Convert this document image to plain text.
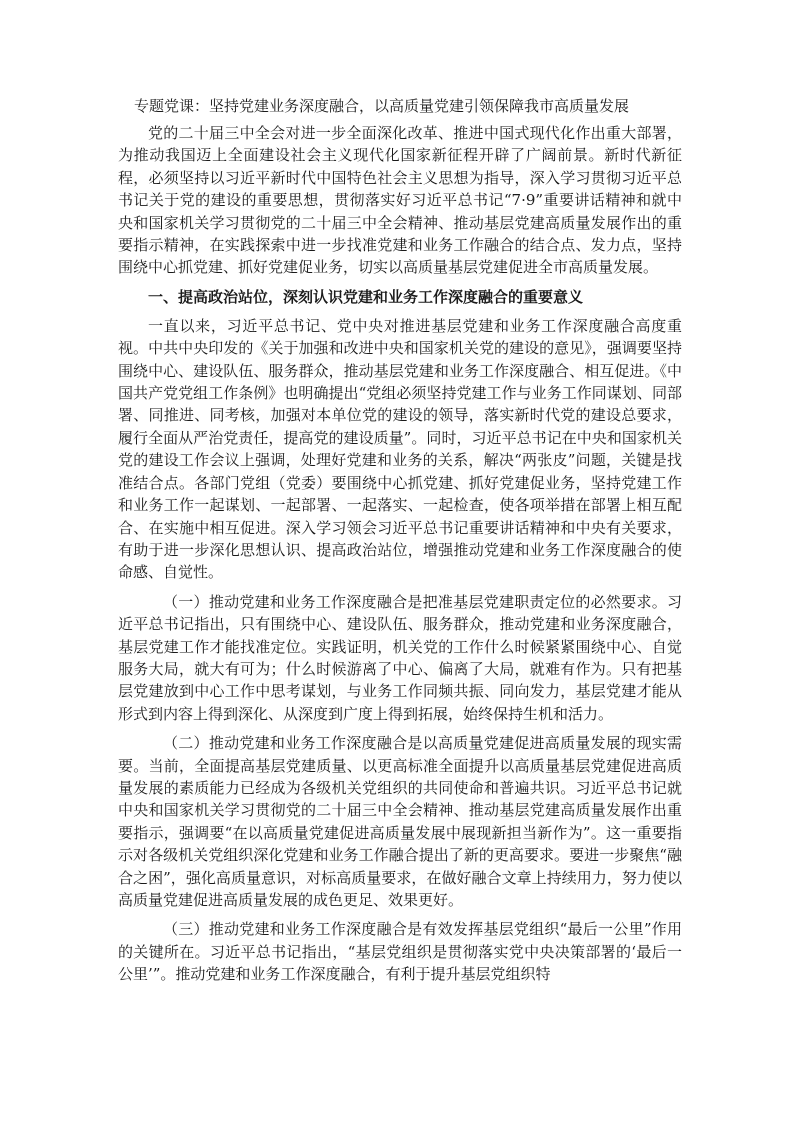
专题党课：坚持党建业务深度融合，以高质量党建引领保障我市高质量发展

党的二十届三中全会对进一步全面深化改革、推进中国式现代化作出重大部署，为推动我国迈上全面建设社会主义现代化国家新征程开辟了广阔前景。新时代新征程，必须坚持以习近平新时代中国特色社会主义思想为指导，深入学习贯彻习近平总书记关于党的建设的重要思想，贯彻落实好习近平总书记“7·9”重要讲话精神和就中央和国家机关学习贯彻党的二十届三中全会精神、推动基层党建高质量发展作出的重要指示精神，在实践探索中进一步找准党建和业务工作融合的结合点、发力点，坚持围绕中心抓党建、抓好党建促业务，切实以高质量基层党建促进全市高质量发展。

一、提高政治站位，深刻认识党建和业务工作深度融合的重要意义

一直以来，习近平总书记、党中央对推进基层党建和业务工作深度融合高度重视。中共中央印发的《关于加强和改进中央和国家机关党的建设的意见》，强调要坚持围绕中心、建设队伍、服务群众，推动基层党建和业务工作深度融合、相互促进。《中国共产党党组工作条例》也明确提出“党组必须坚持党建工作与业务工作同谋划、同部署、同推进、同考核，加强对本单位党的建设的领导，落实新时代党的建设总要求，履行全面从严治党责任，提高党的建设质量”。同时，习近平总书记在中央和国家机关党的建设工作会议上强调，处理好党建和业务的关系，解决“两张皮”问题，关键是找准结合点。各部门党组（党委）要围绕中心抓党建、抓好党建促业务，坚持党建工作和业务工作一起谋划、一起部署、一起落实、一起检查，使各项举措在部署上相互配合、在实施中相互促进。深入学习领会习近平总书记重要讲话精神和中央有关要求，有助于进一步深化思想认识、提高政治站位，增强推动党建和业务工作深度融合的使命感、自觉性。

（一）推动党建和业务工作深度融合是把准基层党建职责定位的必然要求。习近平总书记指出，只有围绕中心、建设队伍、服务群众，推动党建和业务深度融合，基层党建工作才能找准定位。实践证明，机关党的工作什么时候紧紧围绕中心、自觉服务大局，就大有可为；什么时候游离了中心、偏离了大局，就难有作为。只有把基层党建放到中心工作中思考谋划，与业务工作同频共振、同向发力，基层党建才能从形式到内容上得到深化、从深度到广度上得到拓展，始终保持生机和活力。

（二）推动党建和业务工作深度融合是以高质量党建促进高质量发展的现实需要。当前，全面提高基层党建质量、以更高标准全面提升以高质量基层党建促进高质量发展的素质能力已经成为各级机关党组织的共同使命和普遍共识。习近平总书记就中央和国家机关学习贯彻党的二十届三中全会精神、推动基层党建高质量发展作出重要指示，强调要“在以高质量党建促进高质量发展中展现新担当新作为”。这一重要指示对各级机关党组织深化党建和业务工作融合提出了新的更高要求。要进一步聚焦“融合之困”，强化高质量意识，对标高质量要求，在做好融合文章上持续用力，努力使以高质量党建促进高质量发展的成色更足、效果更好。

（三）推动党建和业务工作深度融合是有效发挥基层党组织“最后一公里”作用的关键所在。习近平总书记指出，“基层党组织是贯彻落实党中央决策部署的‘最后一公里’”。推动党建和业务工作深度融合，有利于提升基层党组织特
